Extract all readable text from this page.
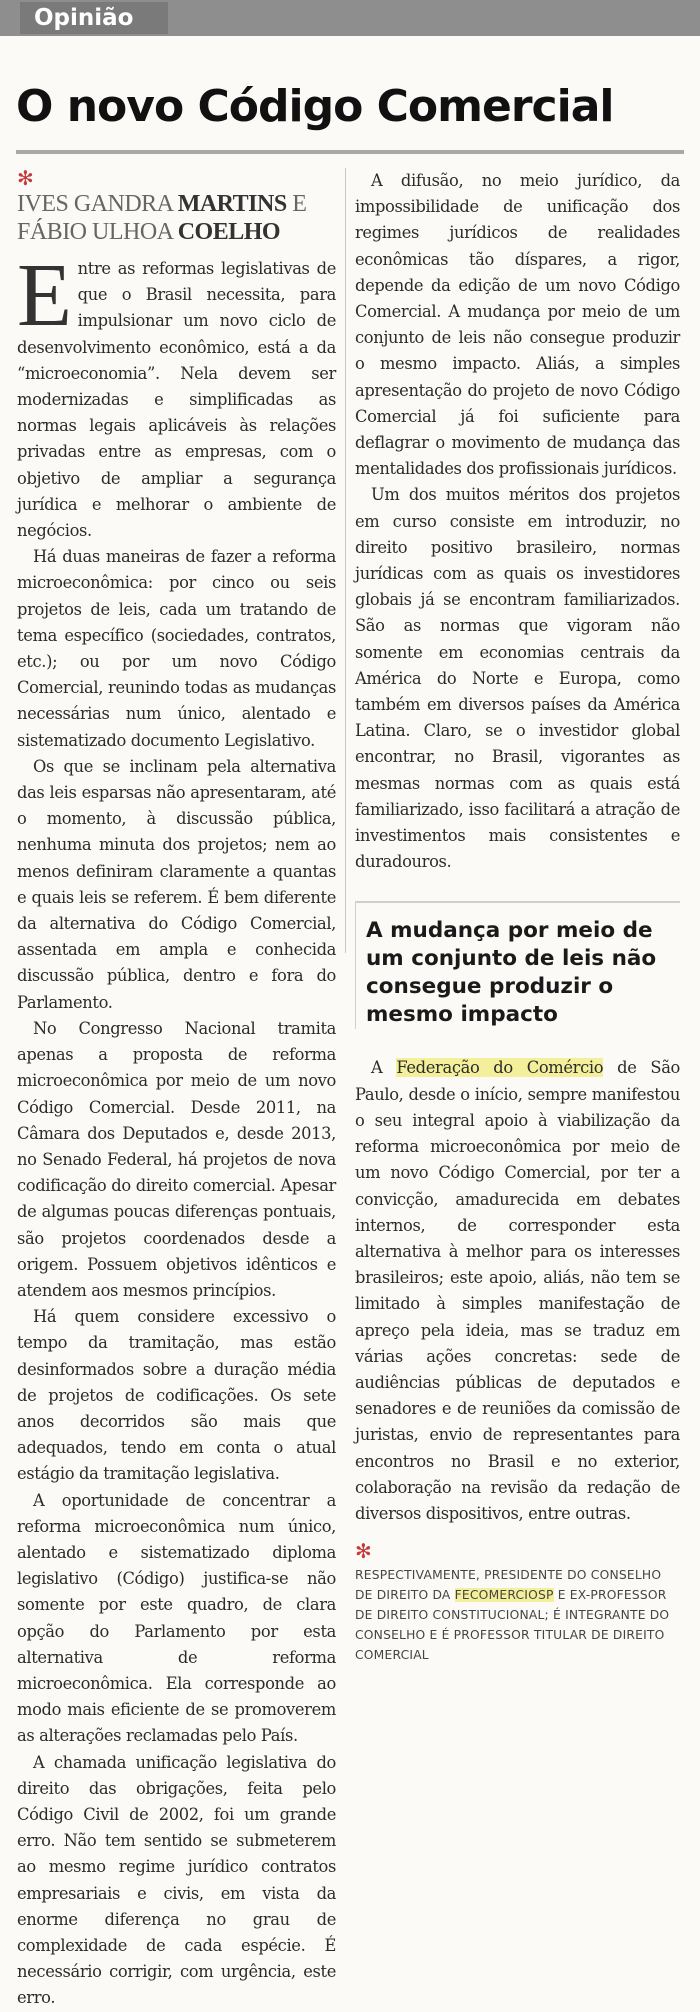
Opinião
O novo Código Comercial
✻
IVES GANDRA MARTINS E FÁBIO ULHOA COELHO

Entre as reformas legislativas de que o Brasil necessita, para impulsionar um novo ciclo de desenvolvimento econômico, está a da “microeconomia”. Nela devem ser modernizadas e simplificadas as normas legais aplicáveis às relações privadas entre as empresas, com o objetivo de ampliar a segurança jurídica e melhorar o ambiente de negócios.

Há duas maneiras de fazer a reforma microeconômica: por cinco ou seis projetos de leis, cada um tratando de tema específico (sociedades, contratos, etc.); ou por um novo Código Comercial, reunindo todas as mudanças necessárias num único, alentado e sistematizado documento Legislativo.

Os que se inclinam pela alternativa das leis esparsas não apresentaram, até o momento, à discussão pública, nenhuma minuta dos projetos; nem ao menos definiram claramente a quantas e quais leis se referem. É bem diferente da alternativa do Código Comercial, assentada em ampla e conhecida discussão pública, dentro e fora do Parlamento.

No Congresso Nacional tramita apenas a proposta de reforma microeconômica por meio de um novo Código Comercial. Desde 2011, na Câmara dos Deputados e, desde 2013, no Senado Federal, há projetos de nova codificação do direito comercial. Apesar de algumas poucas diferenças pontuais, são projetos coordenados desde a origem. Possuem objetivos idênticos e atendem aos mesmos princípios.

Há quem considere excessivo o tempo da tramitação, mas estão desinformados sobre a duração média de projetos de codificações. Os sete anos decorridos são mais que adequados, tendo em conta o atual estágio da tramitação legislativa.

A oportunidade de concentrar a reforma microeconômica num único, alentado e sistematizado diploma legislativo (Código) justifica-se não somente por este quadro, de clara opção do Parlamento por esta alternativa de reforma microeconômica. Ela corresponde ao modo mais eficiente de se promoverem as alterações reclamadas pelo País.

A chamada unificação legislativa do direito das obrigações, feita pelo Código Civil de 2002, foi um grande erro. Não tem sentido se submeterem ao mesmo regime jurídico contratos empresariais e civis, em vista da enorme diferença no grau de complexidade de cada espécie. É necessário corrigir, com urgência, este erro.

A difusão, no meio jurídico, da impossibilidade de unificação dos regimes jurídicos de realidades econômicas tão díspares, a rigor, depende da edição de um novo Código Comercial. A mudança por meio de um conjunto de leis não consegue produzir o mesmo impacto. Aliás, a simples apresentação do projeto de novo Código Comercial já foi suficiente para deflagrar o movimento de mudança das mentalidades dos profissionais jurídicos.

Um dos muitos méritos dos projetos em curso consiste em introduzir, no direito positivo brasileiro, normas jurídicas com as quais os investidores globais já se encontram familiarizados. São as normas que vigoram não somente em economias centrais da América do Norte e Europa, como também em diversos países da América Latina. Claro, se o investidor global encontrar, no Brasil, vigorantes as mesmas normas com as quais está familiarizado, isso facilitará a atração de investimentos mais consistentes e duradouros.

A mudança por meio de um conjunto de leis não consegue produzir o mesmo impacto

A Federação do Comércio de São Paulo, desde o início, sempre manifestou o seu integral apoio à viabilização da reforma microeconômica por meio de um novo Código Comercial, por ter a convicção, amadurecida em debates internos, de corresponder esta alternativa à melhor para os interesses brasileiros; este apoio, aliás, não tem se limitado à simples manifestação de apreço pela ideia, mas se traduz em várias ações concretas: sede de audiências públicas de deputados e senadores e de reuniões da comissão de juristas, envio de representantes para encontros no Brasil e no exterior, colaboração na revisão da redação de diversos dispositivos, entre outras.

✻

RESPECTIVAMENTE, PRESIDENTE DO CONSELHO DE DIREITO DA FECOMERCIOSP E EX-PROFESSOR DE DIREITO CONSTITUCIONAL; É INTEGRANTE DO CONSELHO E É PROFESSOR TITULAR DE DIREITO COMERCIAL
